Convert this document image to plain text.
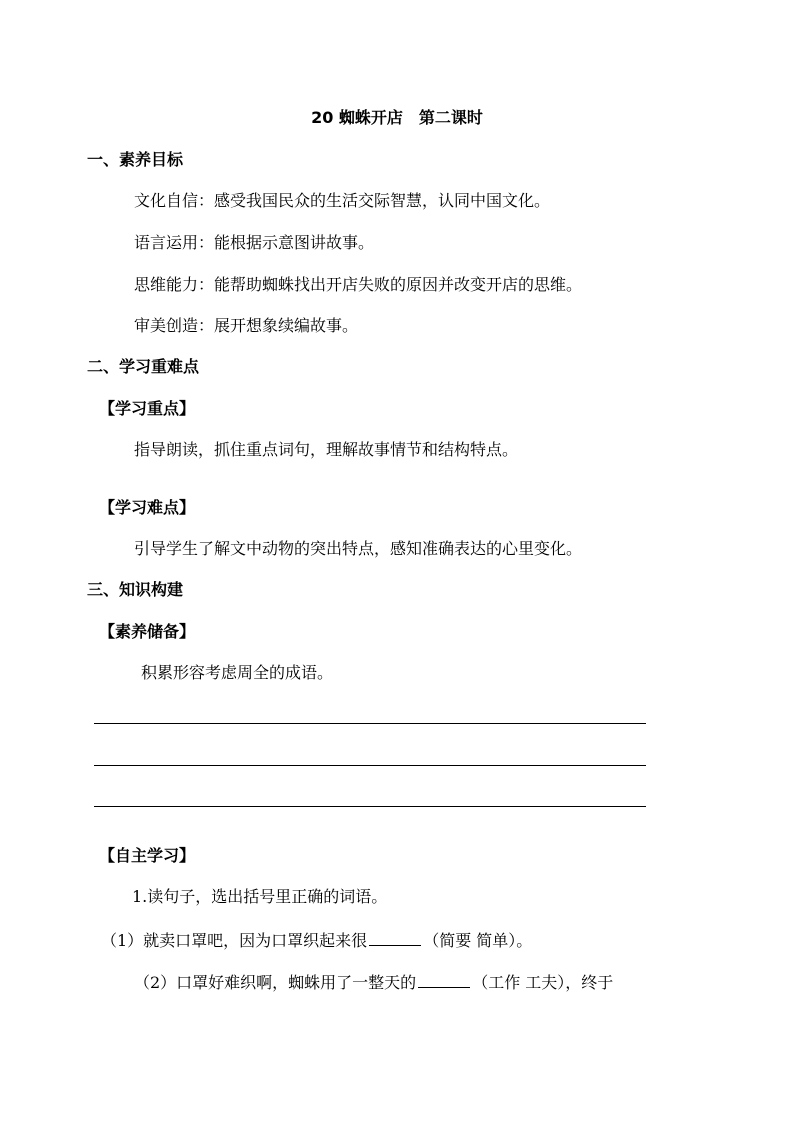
20 蜘蛛开店　第二课时
一、素养目标
文化自信：感受我国民众的生活交际智慧，认同中国文化。
语言运用：能根据示意图讲故事。
思维能力：能帮助蜘蛛找出开店失败的原因并改变开店的思维。
审美创造：展开想象续编故事。
二、学习重难点
【学习重点】
指导朗读，抓住重点词句，理解故事情节和结构特点。
【学习难点】
引导学生了解文中动物的突出特点，感知准确表达的心里变化。
三、知识构建
【素养储备】
积累形容考虑周全的成语。
【自主学习】
1.读句子，选出括号里正确的词语。
（1）就卖口罩吧，因为口罩织起来很	（简要 简单）。
（2）口罩好难织啊，蜘蛛用了一整天的	（工作 工夫），终于
